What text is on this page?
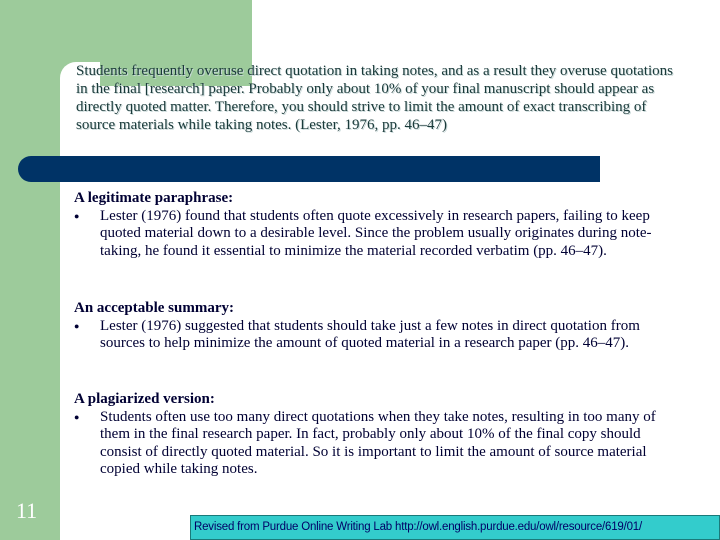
Students frequently overuse direct quotation in taking notes, and as a result they overuse quotations in the final [research] paper. Probably only about 10% of your final manuscript should appear as directly quoted matter. Therefore, you should strive to limit the amount of exact transcribing of source materials while taking notes. (Lester, 1976, pp. 46–47)
A legitimate paraphrase:
● Lester (1976) found that students often quote excessively in research papers, failing to keep quoted material down to a desirable level. Since the problem usually originates during note-taking, he found it essential to minimize the material recorded verbatim (pp. 46–47).
An acceptable summary:
● Lester (1976) suggested that students should take just a few notes in direct quotation from sources to help minimize the amount of quoted material in a research paper (pp. 46–47).
A plagiarized version:
● Students often use too many direct quotations when they take notes, resulting in too many of them in the final research paper. In fact, probably only about 10% of the final copy should consist of directly quoted material. So it is important to limit the amount of source material copied while taking notes.
11
Revised from Purdue Online Writing Lab http://owl.english.purdue.edu/owl/resource/619/01/
